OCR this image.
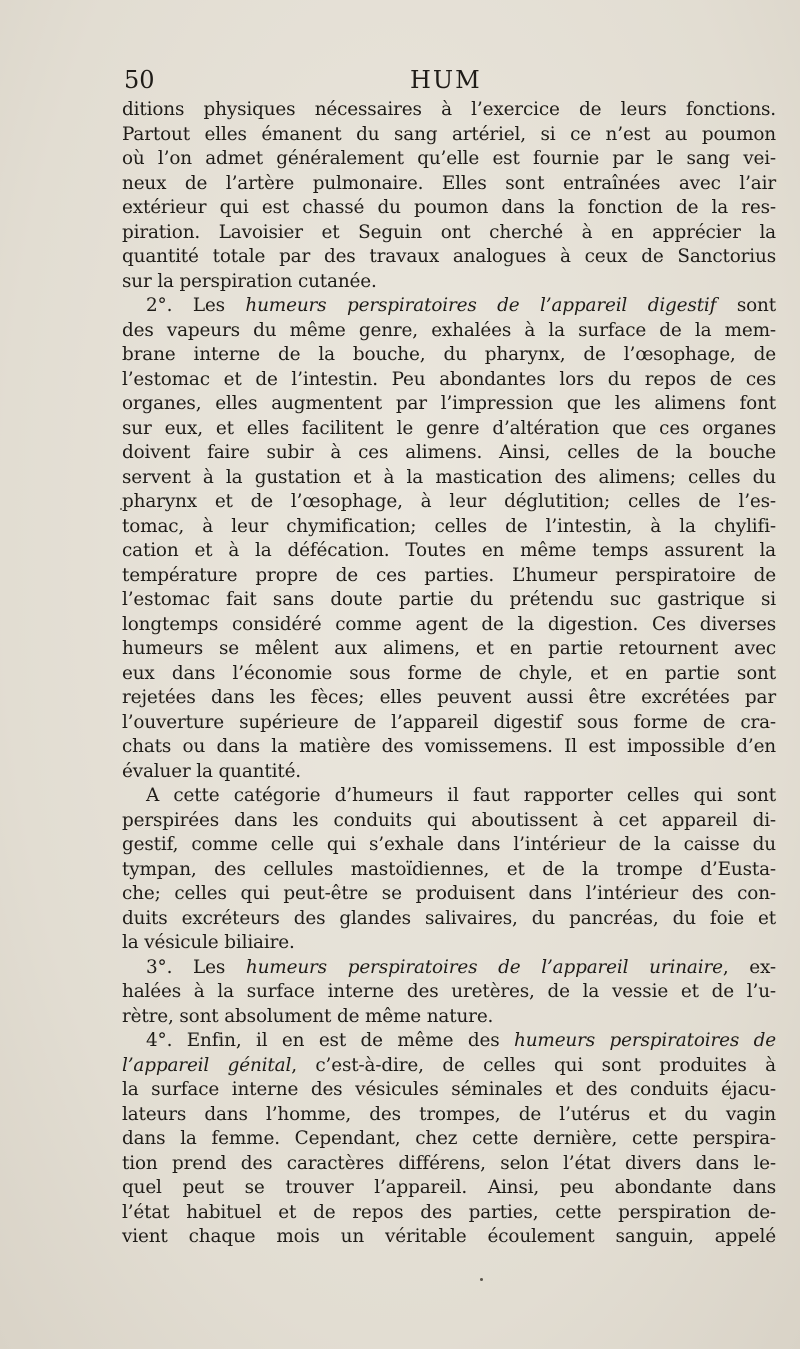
50	HUM
ditions physiques nécessaires à l’exercice de leurs fonctions.
Partout elles émanent du sang artériel, si ce n’est au poumon
où l’on admet généralement qu’elle est fournie par le sang vei-
neux de l’artère pulmonaire. Elles sont entraînées avec l’air
extérieur qui est chassé du poumon dans la fonction de la res-
piration. Lavoisier et Seguin ont cherché à en apprécier la
quantité totale par des travaux analogues à ceux de Sanctorius
sur la perspiration cutanée.
2°. Les humeurs perspiratoires de l’appareil digestif sont
des vapeurs du même genre, exhalées à la surface de la mem-
brane interne de la bouche, du pharynx, de l’œsophage, de
l’estomac et de l’intestin. Peu abondantes lors du repos de ces
organes, elles augmentent par l’impression que les alimens font
sur eux, et elles facilitent le genre d’altération que ces organes
doivent faire subir à ces alimens. Ainsi, celles de la bouche
servent à la gustation et à la mastication des alimens; celles du
pharynx et de l’œsophage, à leur déglutition; celles de l’es-
tomac, à leur chymification; celles de l’intestin, à la chylifi-
cation et à la défécation. Toutes en même temps assurent la
température propre de ces parties. L’humeur perspiratoire de
l’estomac fait sans doute partie du prétendu suc gastrique si
longtemps considéré comme agent de la digestion. Ces diverses
humeurs se mêlent aux alimens, et en partie retournent avec
eux dans l’économie sous forme de chyle, et en partie sont
rejetées dans les fèces; elles peuvent aussi être excrétées par
l’ouverture supérieure de l’appareil digestif sous forme de cra-
chats ou dans la matière des vomissemens. Il est impossible d’en
évaluer la quantité.
A cette catégorie d’humeurs il faut rapporter celles qui sont
perspirées dans les conduits qui aboutissent à cet appareil di-
gestif, comme celle qui s’exhale dans l’intérieur de la caisse du
tympan, des cellules mastoïdiennes, et de la trompe d’Eusta-
che; celles qui peut-être se produisent dans l’intérieur des con-
duits excréteurs des glandes salivaires, du pancréas, du foie et
la vésicule biliaire.
3°. Les humeurs perspiratoires de l’appareil urinaire, ex-
halées à la surface interne des uretères, de la vessie et de l’u-
rètre, sont absolument de même nature.
4°. Enfin, il en est de même des humeurs perspiratoires de
l’appareil génital, c’est-à-dire, de celles qui sont produites à
la surface interne des vésicules séminales et des conduits éjacu-
lateurs dans l’homme, des trompes, de l’utérus et du vagin
dans la femme. Cependant, chez cette dernière, cette perspira-
tion prend des caractères différens, selon l’état divers dans le-
quel peut se trouver l’appareil. Ainsi, peu abondante dans
l’état habituel et de repos des parties, cette perspiration de-
vient chaque mois un véritable écoulement sanguin, appelé
